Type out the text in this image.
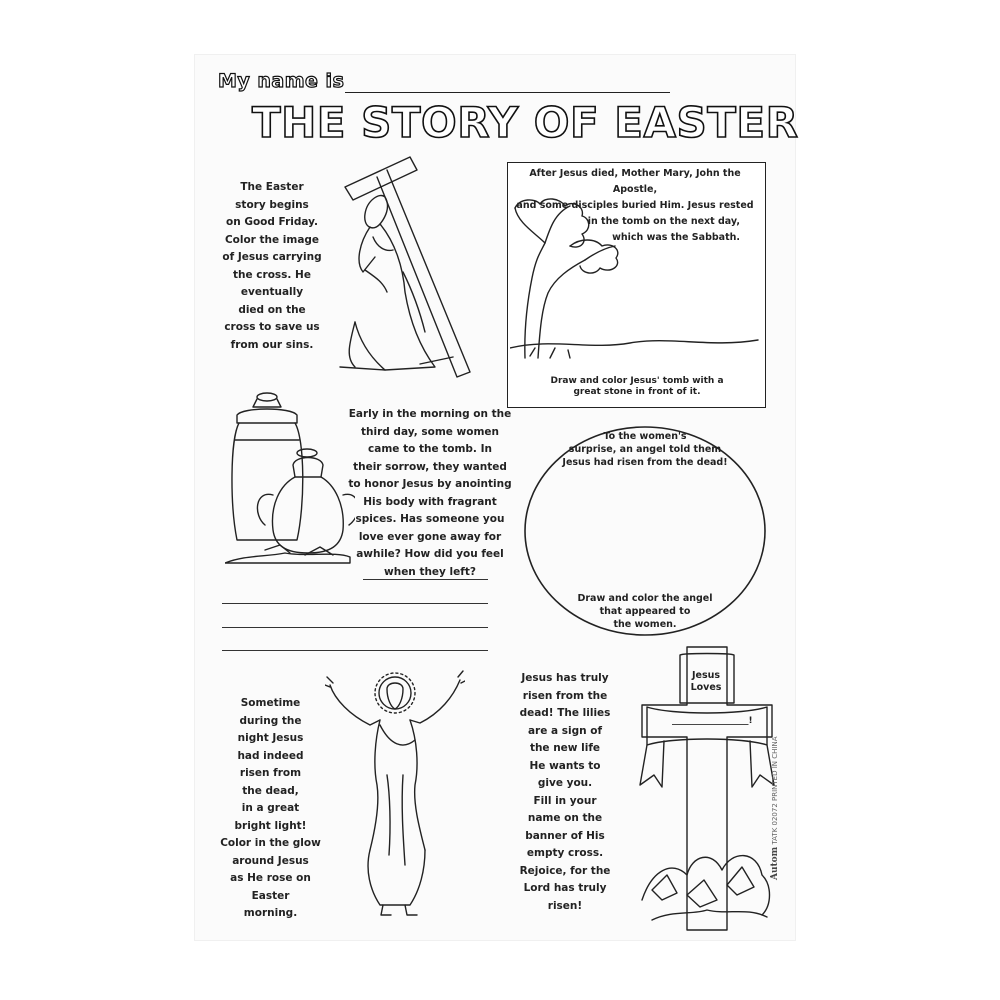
My name is
THE STORY OF EASTER
The Easter
story begins
on Good Friday.
Color the image
of Jesus carrying
the cross. He
eventually
died on the
cross to save us
from our sins.
After Jesus died, Mother Mary, John the Apostle,
and some disciples buried Him. Jesus rested
in the tomb on the next day,
which was the Sabbath.
Draw and color Jesus' tomb with a
great stone in front of it.
Early in the morning on the
third day, some women
came to the tomb. In
their sorrow, they wanted
to honor Jesus by anointing
His body with fragrant
spices. Has someone you
love ever gone away for
awhile? How did you feel
when they left?
To the women's
surprise, an angel told them
Jesus had risen from the dead!
Draw and color the angel
that appeared to
the women.
Sometime
during the
night Jesus
had indeed
risen from
the dead,
in a great
bright light!
Color in the glow
around Jesus
as He rose on
Easter
morning.
Jesus has truly
risen from the
dead! The lilies
are a sign of
the new life
He wants to
give you.
Fill in your
name on the
banner of His
empty cross.
Rejoice, for the
Lord has truly
risen!
Jesus
Loves
_________________!
Autom TATK 02072 PRINTED IN CHINA
